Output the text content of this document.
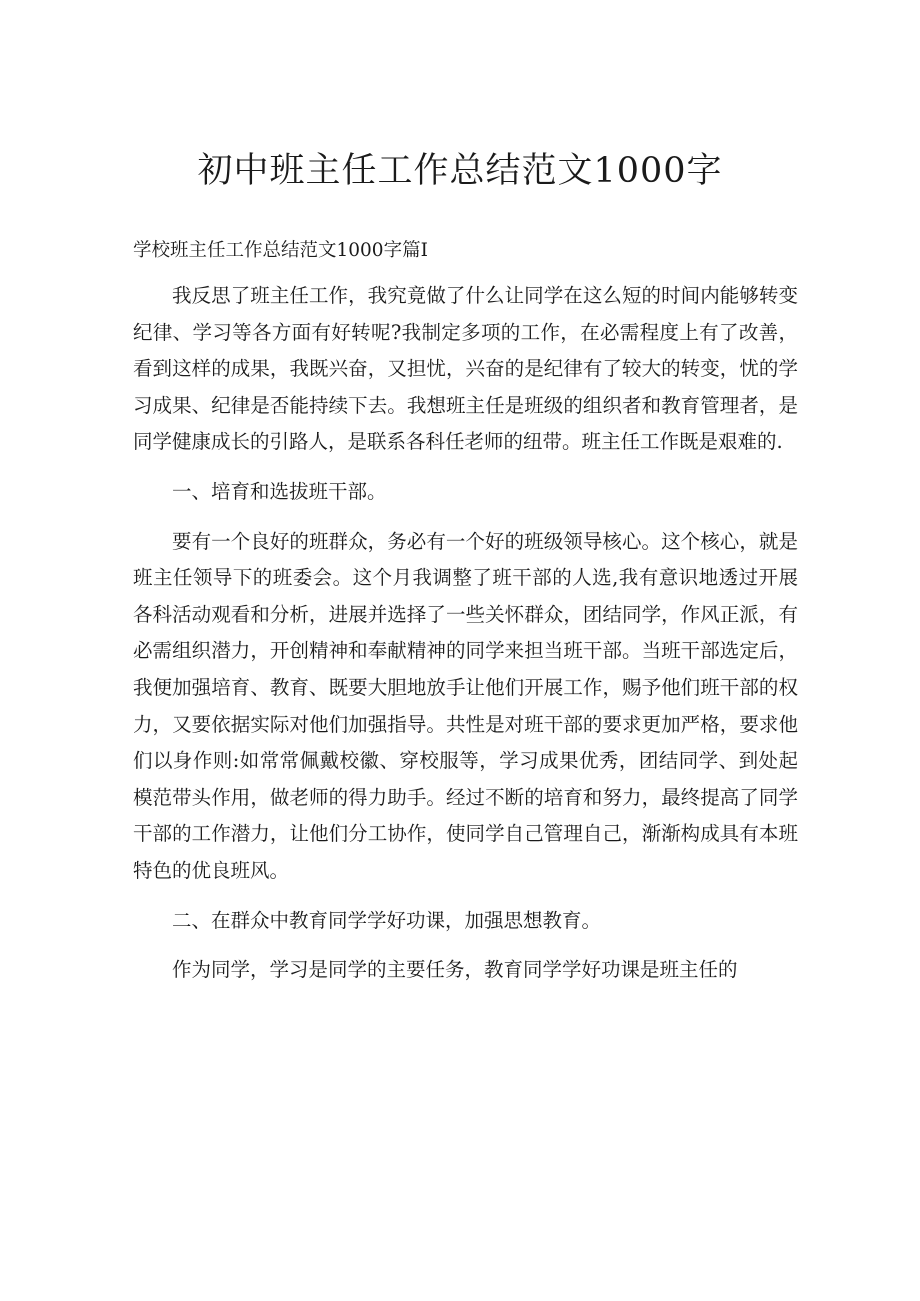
初中班主任工作总结范文1000字

学校班主任工作总结范文1000字篇I

我反思了班主任工作，我究竟做了什么让同学在这么短的时间内能够转变纪律、学习等各方面有好转呢?我制定多项的工作，在必需程度上有了改善，看到这样的成果，我既兴奋，又担忧，兴奋的是纪律有了较大的转变，忧的学习成果、纪律是否能持续下去。我想班主任是班级的组织者和教育管理者，是同学健康成长的引路人，是联系各科任老师的纽带。班主任工作既是艰难的.

一、培育和选拔班干部。

要有一个良好的班群众，务必有一个好的班级领导核心。这个核心，就是班主任领导下的班委会。这个月我调整了班干部的人选,我有意识地透过开展各科活动观看和分析，进展并选择了一些关怀群众，团结同学，作风正派，有必需组织潜力，开创精神和奉献精神的同学来担当班干部。当班干部选定后，我便加强培育、教育、既要大胆地放手让他们开展工作，赐予他们班干部的权力，又要依据实际对他们加强指导。共性是对班干部的要求更加严格，要求他们以身作则:如常常佩戴校徽、穿校服等，学习成果优秀，团结同学、到处起模范带头作用，做老师的得力助手。经过不断的培育和努力，最终提高了同学干部的工作潜力，让他们分工协作，使同学自己管理自己，渐渐构成具有本班特色的优良班风。

二、在群众中教育同学学好功课，加强思想教育。

作为同学，学习是同学的主要任务，教育同学学好功课是班主任的
